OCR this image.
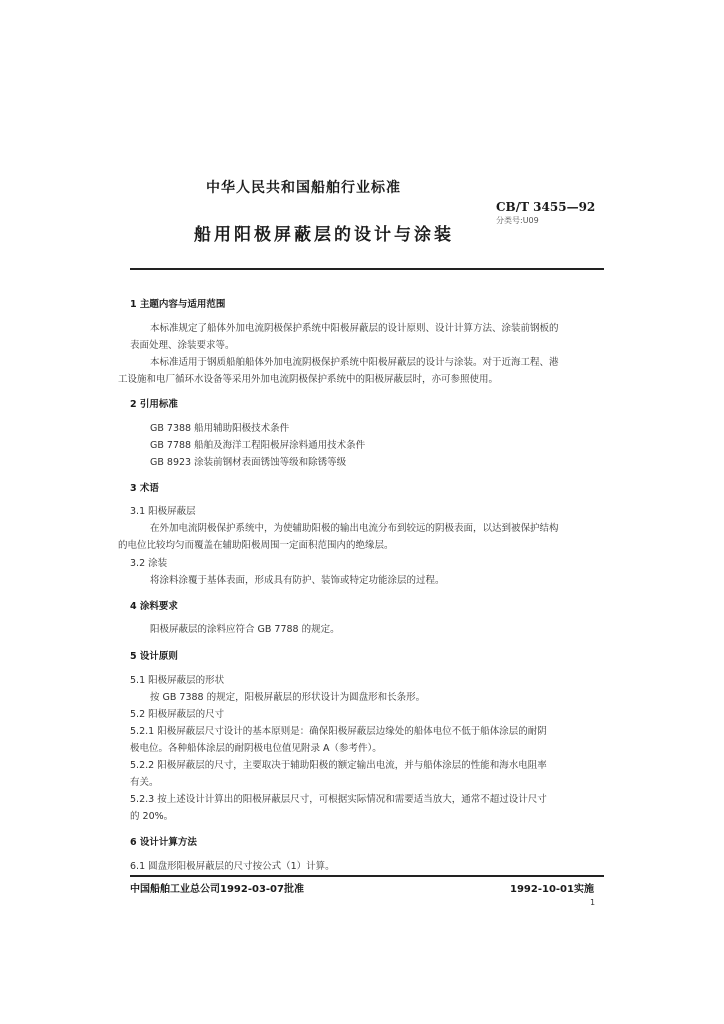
中华人民共和国船舶行业标准
CB/T 3455—92
分类号:U09
船用阳极屏蔽层的设计与涂装
1 主题内容与适用范围
本标准规定了船体外加电流阴极保护系统中阳极屏蔽层的设计原则、设计计算方法、涂装前钢板的
表面处理、涂装要求等。
本标准适用于钢质船舶船体外加电流阴极保护系统中阳极屏蔽层的设计与涂装。对于近海工程、港
工设施和电厂循环水设备等采用外加电流阴极保护系统中的阳极屏蔽层时，亦可参照使用。
2 引用标准
GB 7388 船用辅助阳极技术条件
GB 7788 船舶及海洋工程阳极屏涂料通用技术条件
GB 8923 涂装前钢材表面锈蚀等级和除锈等级
3 术语
3.1 阳极屏蔽层
在外加电流阴极保护系统中，为使辅助阳极的输出电流分布到较远的阴极表面，以达到被保护结构
的电位比较均匀而覆盖在辅助阳极周围一定面积范围内的绝缘层。
3.2 涂装
将涂料涂覆于基体表面，形成具有防护、装饰或特定功能涂层的过程。
4 涂料要求
阳极屏蔽层的涂料应符合 GB 7788 的规定。
5 设计原则
5.1 阳极屏蔽层的形状
按 GB 7388 的规定，阳极屏蔽层的形状设计为圆盘形和长条形。
5.2 阳极屏蔽层的尺寸
5.2.1 阳极屏蔽层尺寸设计的基本原则是：确保阳极屏蔽层边缘处的船体电位不低于船体涂层的耐阴
极电位。各种船体涂层的耐阴极电位值见附录 A（参考件）。
5.2.2 阳极屏蔽层的尺寸，主要取决于辅助阳极的额定输出电流，并与船体涂层的性能和海水电阻率
有关。
5.2.3 按上述设计计算出的阳极屏蔽层尺寸，可根据实际情况和需要适当放大，通常不超过设计尺寸
的 20%。
6 设计计算方法
6.1 圆盘形阳极屏蔽层的尺寸按公式（1）计算。
中国船舶工业总公司1992-03-07批准	1992-10-01实施
1
